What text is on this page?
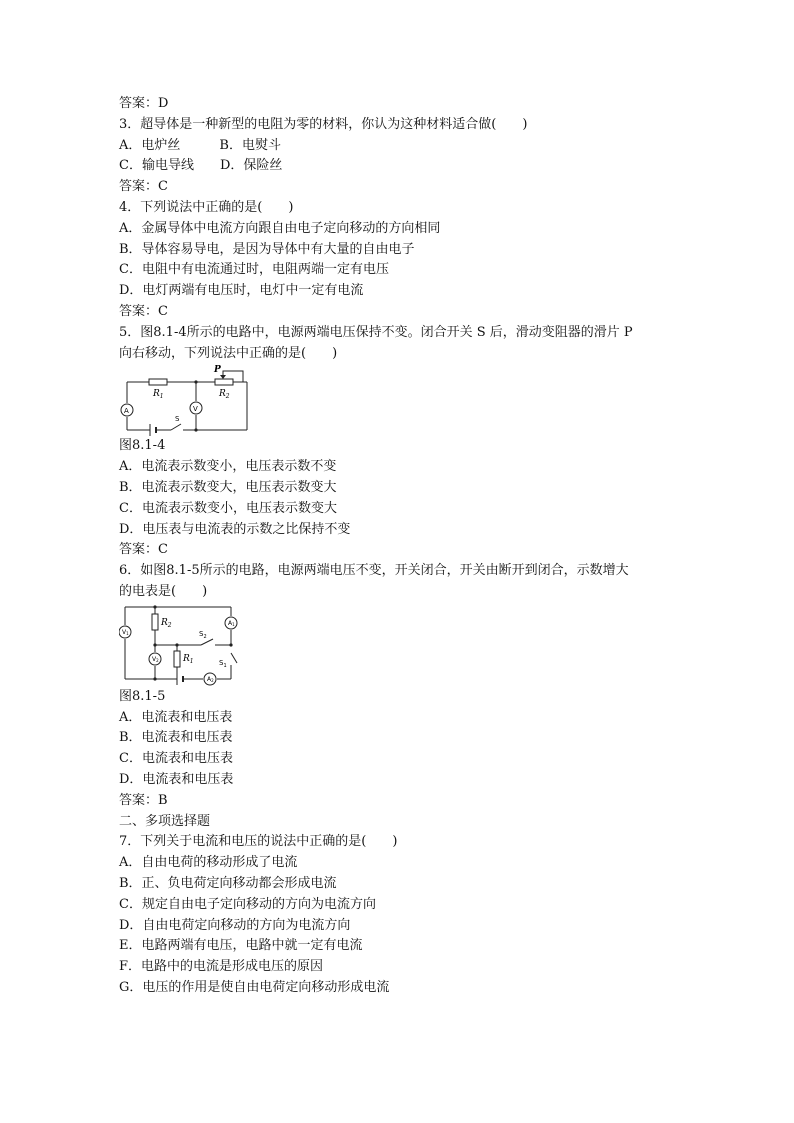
答案：D
3．超导体是一种新型的电阻为零的材料，你认为这种材料适合做(　　)
A．电炉丝　　　B．电熨斗
C．输电导线　　D．保险丝
答案：C
4．下列说法中正确的是(　　)
A．金属导体中电流方向跟自由电子定向移动的方向相同
B．导体容易导电，是因为导体中有大量的自由电子
C．电阻中有电流通过时，电阻两端一定有电压
D．电灯两端有电压时，电灯中一定有电流
答案：C
5．图8.1-4所示的电路中，电源两端电压保持不变。闭合开关 S 后，滑动变阻器的滑片 P
向右移动，下列说法中正确的是(　　)
$R_1$	$R_2$
P
A	V
S
图8.1-4
A．电流表示数变小，电压表示数不变
B．电流表示数变大，电压表示数变大
C．电流表示数变小，电压表示数变大
D．电压表与电流表的示数之比保持不变
答案：C
6．如图8.1-5所示的电路，电源两端电压不变，开关闭合，开关由断开到闭合，示数增大
的电表是(　　)
$R_2$
$R_1$
$S_2$
$S_1$
A1
A2
V1
V2
图8.1-5
A．电流表和电压表
B．电流表和电压表
C．电流表和电压表
D．电流表和电压表
答案：B
二、多项选择题
7．下列关于电流和电压的说法中正确的是(　　)
A．自由电荷的移动形成了电流
B．正、负电荷定向移动都会形成电流
C．规定自由电子定向移动的方向为电流方向
D．自由电荷定向移动的方向为电流方向
E．电路两端有电压，电路中就一定有电流
F．电路中的电流是形成电压的原因
G．电压的作用是使自由电荷定向移动形成电流
